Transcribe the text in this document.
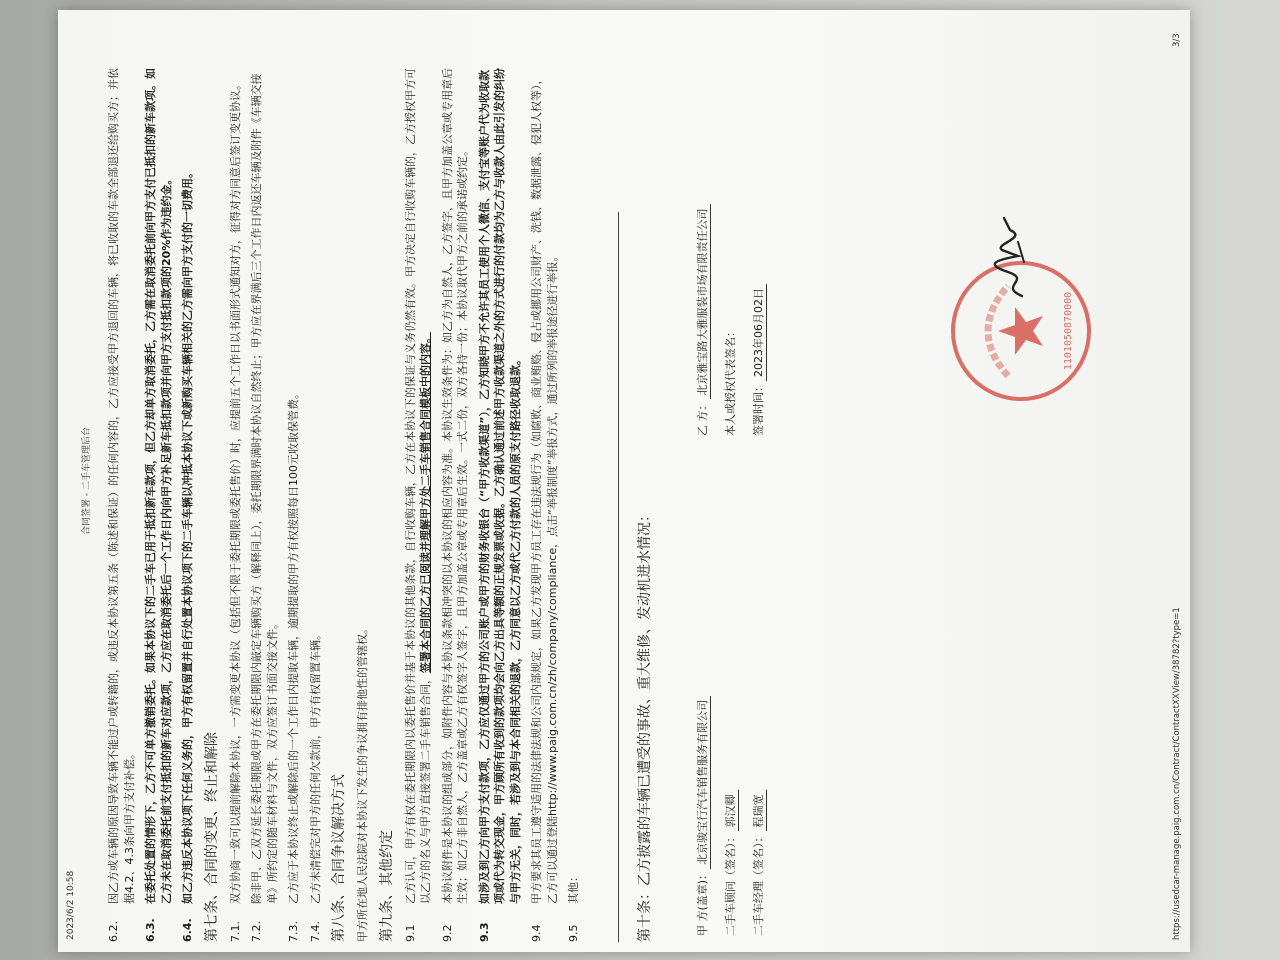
2023/6/2 10:58
合同签署 - 二手车管理后台
6.2.
因乙方或车辆的原因导致车辆不能过户或转籍的，或违反本协议第五条（陈述和保证）的任何内容的，乙方应接受甲方退回的车辆，将已收取的车款全部退还给购买方；并依据4.2、4.3条向甲方支付补偿。
6.3.
在委托处置的情形下，乙方不可单方撤销委托。如果本协议下的二手车已用于抵扣新车款项，但乙方却单方取消委托，乙方需在取消委托前向甲方支付已抵扣的新车款项。如乙方未在取消委托前支付抵扣的新车对应款项，乙方应在取消委托后一个工作日内向甲方补足新车抵扣款项并向甲方支付抵扣款项的20%作为违约金。
6.4.
如乙方违反本协议项下任何义务的，甲方有权留置并自行处置本协议项下的二手车辆以冲抵本协议下或新购买车辆相关的乙方需向甲方支付的一切费用。 第七条、合同的变更、终止和解除 7.1.
双方协商一致可以提前解除本协议，一方需变更本协议（包括但不限于委托期限或委托售价）时，应提前五个工作日以书面形式通知对方，征得对方同意后签订变更协议。
7.2.
除非甲、乙双方延长委托期限或甲方在委托期限内敲定车辆购买方（解释同上），委托期限界满时本协议自然终止；甲方应在界满后三个工作日内返还车辆及附件《车辆交接单》所约定的随车材料与文件，双方应签订书面交接文件。
7.3.
乙方应于本协议终止或解除后的一个工作日内提取车辆，逾期提取的甲方有权按照每日100元收取保管费。
7.4.
乙方未清偿完对甲方的任何欠款前，甲方有权留置车辆。 第八条、合同争议解决方式 甲方所在地人民法院对本协议下发生的争议拥有排他性的管辖权。 第九条、其他约定 9.1
乙方认可，甲方有权在委托期限内以委托售价并基于本协议的其他条款，自行收购车辆，乙方在本协议下的保证与义务仍然有效。甲方决定自行收购车辆的，乙方授权甲方可以乙方的名义与甲方直接签署二手车销售合同，签署本合同的乙方已阅读并理解甲方处二手车销售合同模板中的内容。
9.2
本协议附件是本协议的组成部分，如附件内容与本协议条款相冲突的以本协议的相应内容为准。本协议生效条件为：如乙方为自然人，乙方签字，且甲方加盖公章或专用章后生效；如乙方非自然人，乙方盖章或乙方有权签字人签字，且甲方加盖公章或专用章后生效。一式二份，双方各持一份；本协议取代甲方之前的承诺或约定。
9.3
如涉及到乙方向甲方支付款项，乙方应仅通过甲方的公司账户或甲方的财务收银台（“甲方收款渠道”），乙方知晓甲方不允许其员工使用个人微信、支付宝等账户代为收取款项或代为转交现金，甲方顾所有收到的款项均会向乙方出具等额的正规发票或收据。乙方确认通过前述甲方收款渠道之外的方式进行的付款均为乙方与收款人由此引发的纠纷与甲方无关，同时，若涉及到与本合同相关的退款，乙方同意以乙方或代乙方付款的人员的原支付路径收取退款。
9.4
甲方要求其员工遵守适用的法律法规和公司内部规定，如果乙方发现甲方员工存在违法规行为（如腐败、商业贿赂、侵占或挪用公司财产、洗钱、数据泄露、侵犯人权等），乙方可以通过登陆http://www.paig.com.cn/zh/company/compliance，点击“举报制度”举报方式，通过所列的举报途径进行举报。
9.5
其他：	第十条：乙方披露的车辆已遭受的事故、重大维修、发动机进水情况：	甲 方(盖章)：北京骏宝行汽车销售服务有限公司
乙 方：北京雅宝路大雅服装市场有限责任公司
二手车顾问（签名）：郭汉卿
本人或授权代表签名：
二手车经理（签名）：程瑞宽
签署时间：2023年06月02日	1101050870000
https://usedcar-manage.paig.com.cn/Contract/ContractXXView/38782?type=1
3/3
